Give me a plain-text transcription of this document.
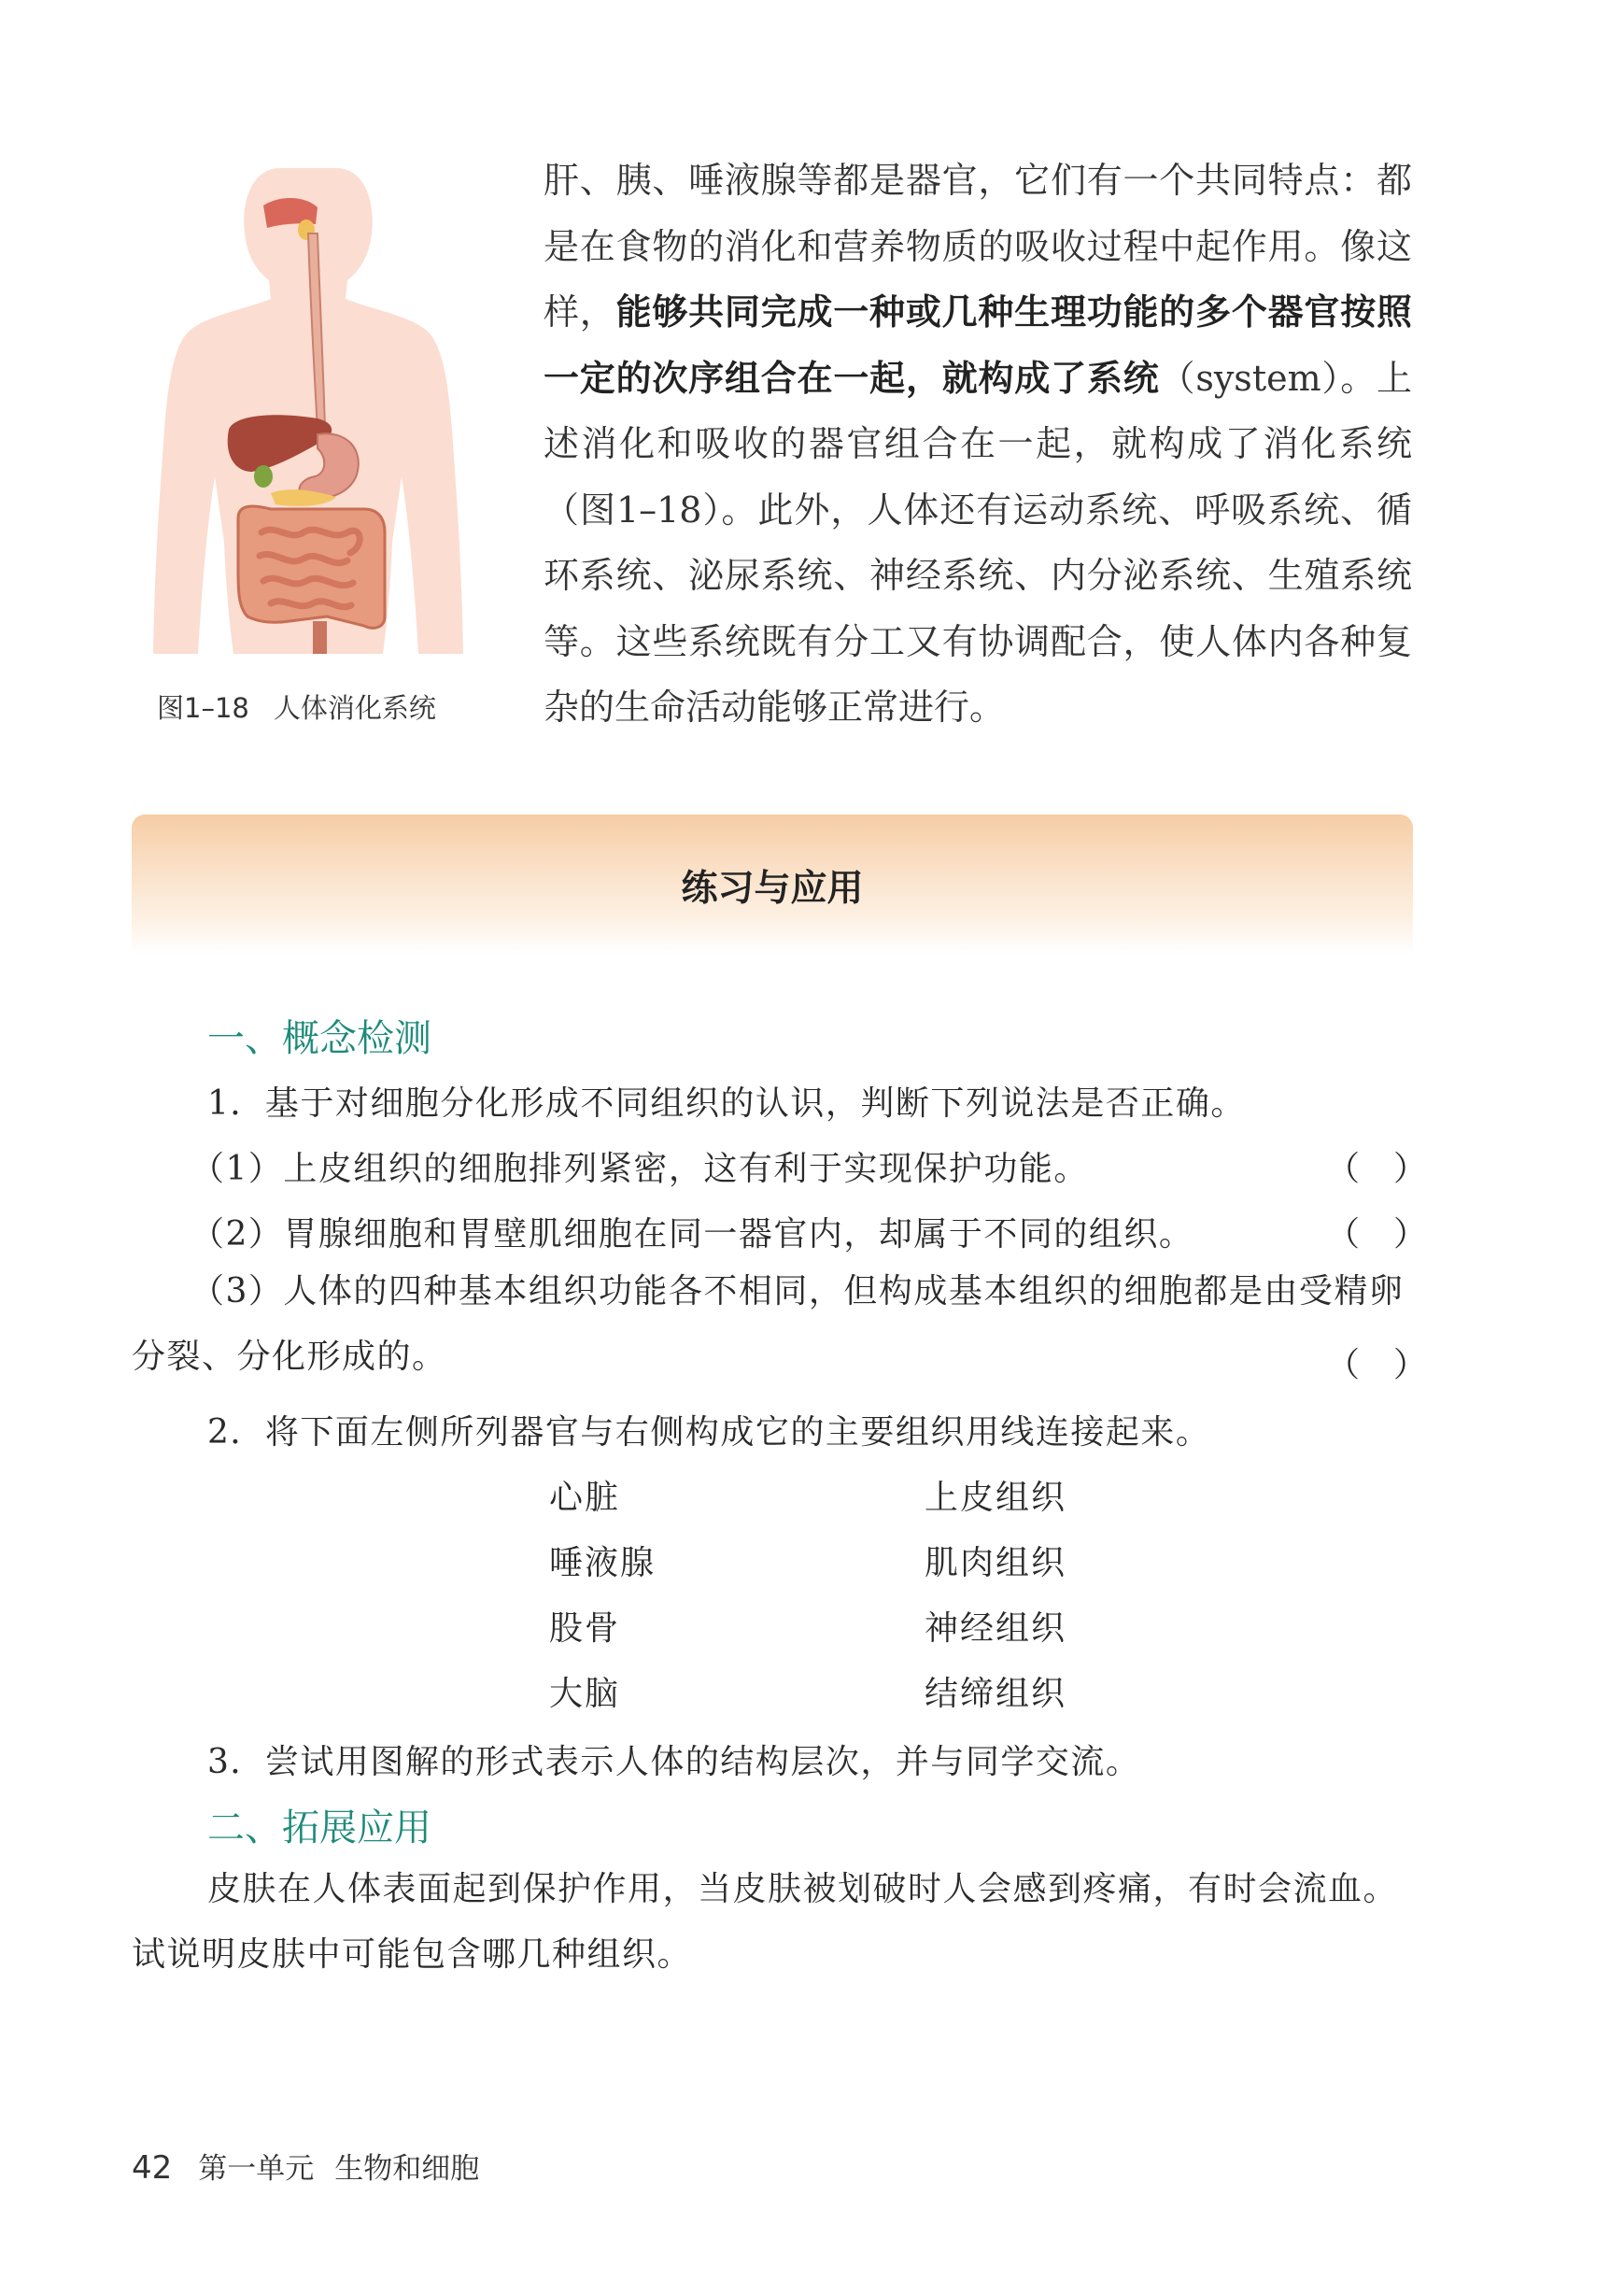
图1–18 人体消化系统
肝、胰、唾液腺等都是器官，它们有一个共同特点：都是在食物的消化和营养物质的吸收过程中起作用。像这样，能够共同完成一种或几种生理功能的多个器官按照一定的次序组合在一起，就构成了系统（system）。上述消化和吸收的器官组合在一起，就构成了消化系统（图1–18）。此外，人体还有运动系统、呼吸系统、循环系统、泌尿系统、神经系统、内分泌系统、生殖系统等。这些系统既有分工又有协调配合，使人体内各种复杂的生命活动能够正常进行。
练习与应用
一、概念检测
1．基于对细胞分化形成不同组织的认识，判断下列说法是否正确。
（1）上皮组织的细胞排列紧密，这有利于实现保护功能。	（　）
（2）胃腺细胞和胃壁肌细胞在同一器官内，却属于不同的组织。	（　）
（3）人体的四种基本组织功能各不相同，但构成基本组织的细胞都是由受精卵分裂、分化形成的。	（　）
2．将下面左侧所列器官与右侧构成它的主要组织用线连接起来。
心脏	上皮组织
唾液腺	肌肉组织
股骨	神经组织
大脑	结缔组织
3．尝试用图解的形式表示人体的结构层次，并与同学交流。
二、拓展应用
皮肤在人体表面起到保护作用，当皮肤被划破时人会感到疼痛，有时会流血。试说明皮肤中可能包含哪几种组织。
42 第一单元 生物和细胞
